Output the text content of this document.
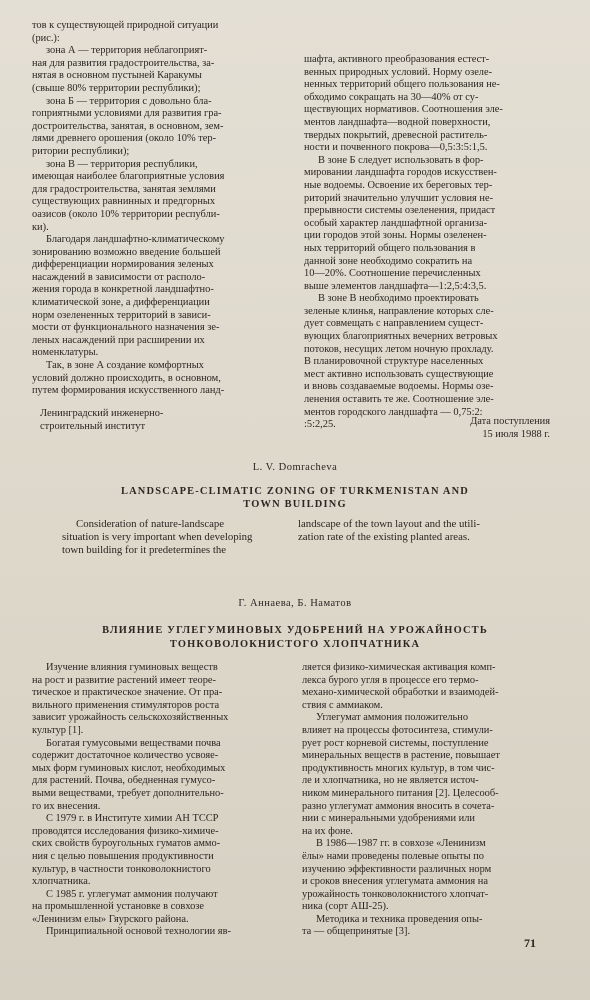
тов к существующей природной ситуации
(рис.):
зона А — территория неблагоприят-
ная для развития градостроительства, за-
нятая в основном пустыней Каракумы
(свыше 80% территории республики);
зона Б — территория с довольно бла-
гоприятными условиями для развития гра-
достроительства, занятая, в основном, зем-
лями древнего орошения (около 10% тер-
ритории республики);
зона В — территория республики,
имеющая наиболее благоприятные условия
для градостроительства, занятая землями
существующих равнинных и предгорных
оазисов (около 10% территории республи-
ки).
Благодаря ландшафтно-климатическому
зонированию возможно введение большей
дифференциации нормирования зеленых
насаждений в зависимости от располо-
жения города в конкретной ландшафтно-
климатической зоне, а дифференциации
норм озелененных территорий в зависи-
мости от функционального назначения зе-
леных насаждений при расширении их
номенклатуры.
Так, в зоне А создание комфортных
условий должно происходить, в основном,
путем формирования искусственного ланд-
шафта, активного преобразования естест-
венных природных условий. Норму озеле-
ненных территорий общего пользования не-
обходимо сокращать на 30—40% от су-
ществующих нормативов. Соотношения эле-
ментов ландшафта—водной поверхности,
твердых покрытий, древесной раститель-
ности и почвенного покрова—0,5:3:5:1,5.
В зоне Б следует использовать в фор-
мировании ландшафта городов искусствен-
ные водоемы. Освоение их береговых тер-
риторий значительно улучшит условия не-
прерывности системы озеленения, придаст
особый характер ландшафтной организа-
ции городов этой зоны. Нормы озеленен-
ных территорий общего пользования в
данной зоне необходимо сократить на
10—20%. Соотношение перечисленных
выше элементов ландшафта—1:2,5:4:3,5.
В зоне В необходимо проектировать
зеленые клинья, направление которых сле-
дует совмещать с направлением сущест-
вующих благоприятных вечерних ветровых
потоков, несущих летом ночную прохладу.
В планировочной структуре населенных
мест активно использовать существующие
и вновь создаваемые водоемы. Нормы озе-
ленения оставить те же. Соотношение эле-
ментов городского ландшафта — 0,75:2:
:5:2,25.
Ленинградский инженерно-
строительный институт	Дата поступления
15 июля 1988 г.
L. V. Domracheva
LANDSCAPE-CLIMATIC ZONING OF TURKMENISTAN AND
TOWN BUILDING
Consideration of nature-landscape
situation is very important when developing
town building for it predetermines the
landscape of the town layout and the utili-
zation rate of the existing planted areas.
Г. Аннаева, Б. Наматов
ВЛИЯНИЕ УГЛЕГУМИНОВЫХ УДОБРЕНИЙ НА УРОЖАЙНОСТЬ
ТОНКОВОЛОКНИСТОГО ХЛОПЧАТНИКА
Изучение влияния гуминовых веществ
на рост и развитие растений имеет теоре-
тическое и практическое значение. От пра-
вильного применения стимуляторов роста
зависит урожайность сельскохозяйственных
культур [1].
Богатая гумусовыми веществами почва
содержит достаточное количество усвояе-
мых форм гуминовых кислот, необходимых
для растений. Почва, обедненная гумусо-
выми веществами, требует дополнительно-
го их внесения.
С 1979 г. в Институте химии АН ТССР
проводятся исследования физико-химиче-
ских свойств буроугольных гуматов аммо-
ния с целью повышения продуктивности
культур, в частности тонковолокнистого
хлопчатника.
С 1985 г. углегумат аммония получают
на промышленной установке в совхозе
«Ленинизм елы» Гяурского района.
Принципиальной основой технологии яв-
ляется физико-химическая активация комп-
лекса бурого угля в процессе его термо-
механо-химической обработки и взаимодей-
ствия с аммиаком.
Углегумат аммония положительно
влияет на процессы фотосинтеза, стимули-
рует рост корневой системы, поступление
минеральных веществ в растение, повышает
продуктивность многих культур, в том чис-
ле и хлопчатника, но не является источ-
ником минерального питания [2]. Целесооб-
разно углегумат аммония вносить в сочета-
нии с минеральными удобрениями или
на их фоне.
В 1986—1987 гг. в совхозе «Ленинизм
ёлы» нами проведены полевые опыты по
изучению эффективности различных норм
и сроков внесения углегумата аммония на
урожайность тонковолокнистого хлопчат-
ника (сорт АШ-25).
Методика и техника проведения опы-
та — общепринятые [3].
71
